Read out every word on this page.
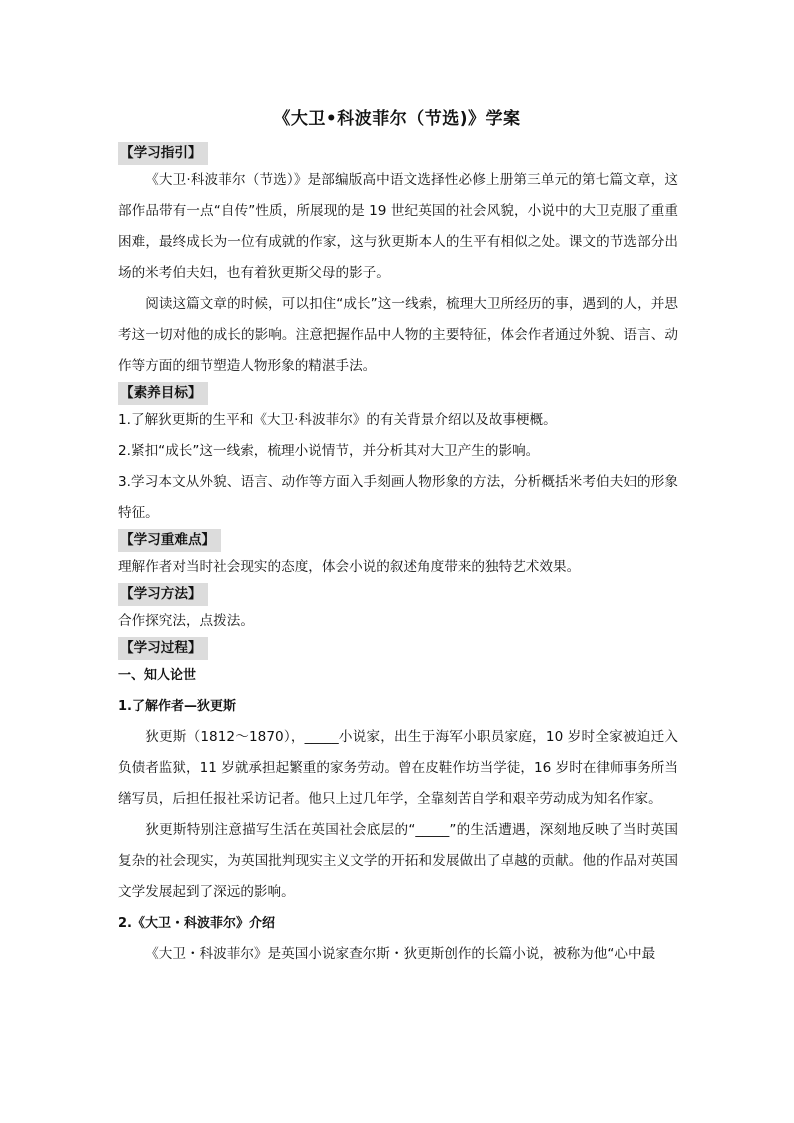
《大卫•科波菲尔（节选)》学案
【学习指引】

《大卫·科波菲尔（节选）》是部编版高中语文选择性必修上册第三单元的第七篇文章，这部作品带有一点“自传”性质，所展现的是 19 世纪英国的社会风貌，小说中的大卫克服了重重困难，最终成长为一位有成就的作家，这与狄更斯本人的生平有相似之处。课文的节选部分出场的米考伯夫妇，也有着狄更斯父母的影子。

阅读这篇文章的时候，可以扣住“成长”这一线索，梳理大卫所经历的事，遇到的人，并思考这一切对他的成长的影响。注意把握作品中人物的主要特征，体会作者通过外貌、语言、动作等方面的细节塑造人物形象的精湛手法。

【素养目标】

1.了解狄更斯的生平和《大卫·科波菲尔》的有关背景介绍以及故事梗概。

2.紧扣“成长”这一线索，梳理小说情节，并分析其对大卫产生的影响。

3.学习本文从外貌、语言、动作等方面入手刻画人物形象的方法，分析概括米考伯夫妇的形象特征。

【学习重难点】

理解作者对当时社会现实的态度，体会小说的叙述角度带来的独特艺术效果。

【学习方法】

合作探究法，点拨法。

【学习过程】

一、知人论世

1.了解作者—狄更斯

狄更斯（1812～1870），_____小说家，出生于海军小职员家庭，10 岁时全家被迫迁入负债者监狱，11 岁就承担起繁重的家务劳动。曾在皮鞋作坊当学徒，16 岁时在律师事务所当缮写员，后担任报社采访记者。他只上过几年学，全靠刻苦自学和艰辛劳动成为知名作家。

狄更斯特别注意描写生活在英国社会底层的“_____”的生活遭遇，深刻地反映了当时英国复杂的社会现实，为英国批判现实主义文学的开拓和发展做出了卓越的贡献。他的作品对英国文学发展起到了深远的影响。

2.《大卫・科波菲尔》介绍

《大卫・科波菲尔》是英国小说家查尔斯・狄更斯创作的长篇小说，被称为他“心中最
